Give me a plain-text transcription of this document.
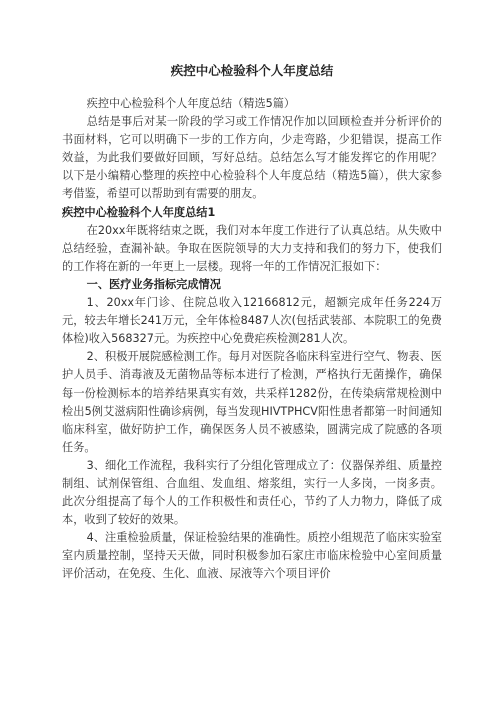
疾控中心检验科个人年度总结

疾控中心检验科个人年度总结（精选5篇）

总结是事后对某一阶段的学习或工作情况作加以回顾检查并分析评价的书面材料，它可以明确下一步的工作方向，少走弯路，少犯错误，提高工作效益，为此我们要做好回顾，写好总结。总结怎么写才能发挥它的作用呢？以下是小编精心整理的疾控中心检验科个人年度总结（精选5篇），供大家参考借鉴，希望可以帮助到有需要的朋友。

疾控中心检验科个人年度总结1

在20xx年既将结束之既，我们对本年度工作进行了认真总结。从失败中总结经验，查漏补缺。争取在医院领导的大力支持和我们的努力下，使我们的工作将在新的一年更上一层楼。现将一年的工作情况汇报如下：

一、医疗业务指标完成情况

1、20xx年门诊、住院总收入12166812元，超额完成年任务224万元，较去年增长241万元，全年体检8487人次(包括武装部、本院职工的免费体检)收入568327元。为疾控中心免费疟疾检测281人次。

2、积极开展院感检测工作。每月对医院各临床科室进行空气、物表、医护人员手、消毒液及无菌物品等标本进行了检测，严格执行无菌操作，确保每一份检测标本的培养结果真实有效，共采样1282份，在传染病常规检测中检出5例艾滋病阳性确诊病例，每当发现HIVTPHCV阳性患者都第一时间通知临床科室，做好防护工作，确保医务人员不被感染，圆满完成了院感的各项任务。

3、细化工作流程，我科实行了分组化管理成立了：仪器保养组、质量控制组、试剂保管组、合血组、发血组、熔浆组，实行一人多岗，一岗多责。此次分组提高了每个人的工作积极性和责任心，节约了人力物力，降低了成本，收到了较好的效果。

4、注重检验质量，保证检验结果的准确性。质控小组规范了临床实验室室内质量控制，坚持天天做，同时积极参加石家庄市临床检验中心室间质量评价活动，在免疫、生化、血液、尿液等六个项目评价
